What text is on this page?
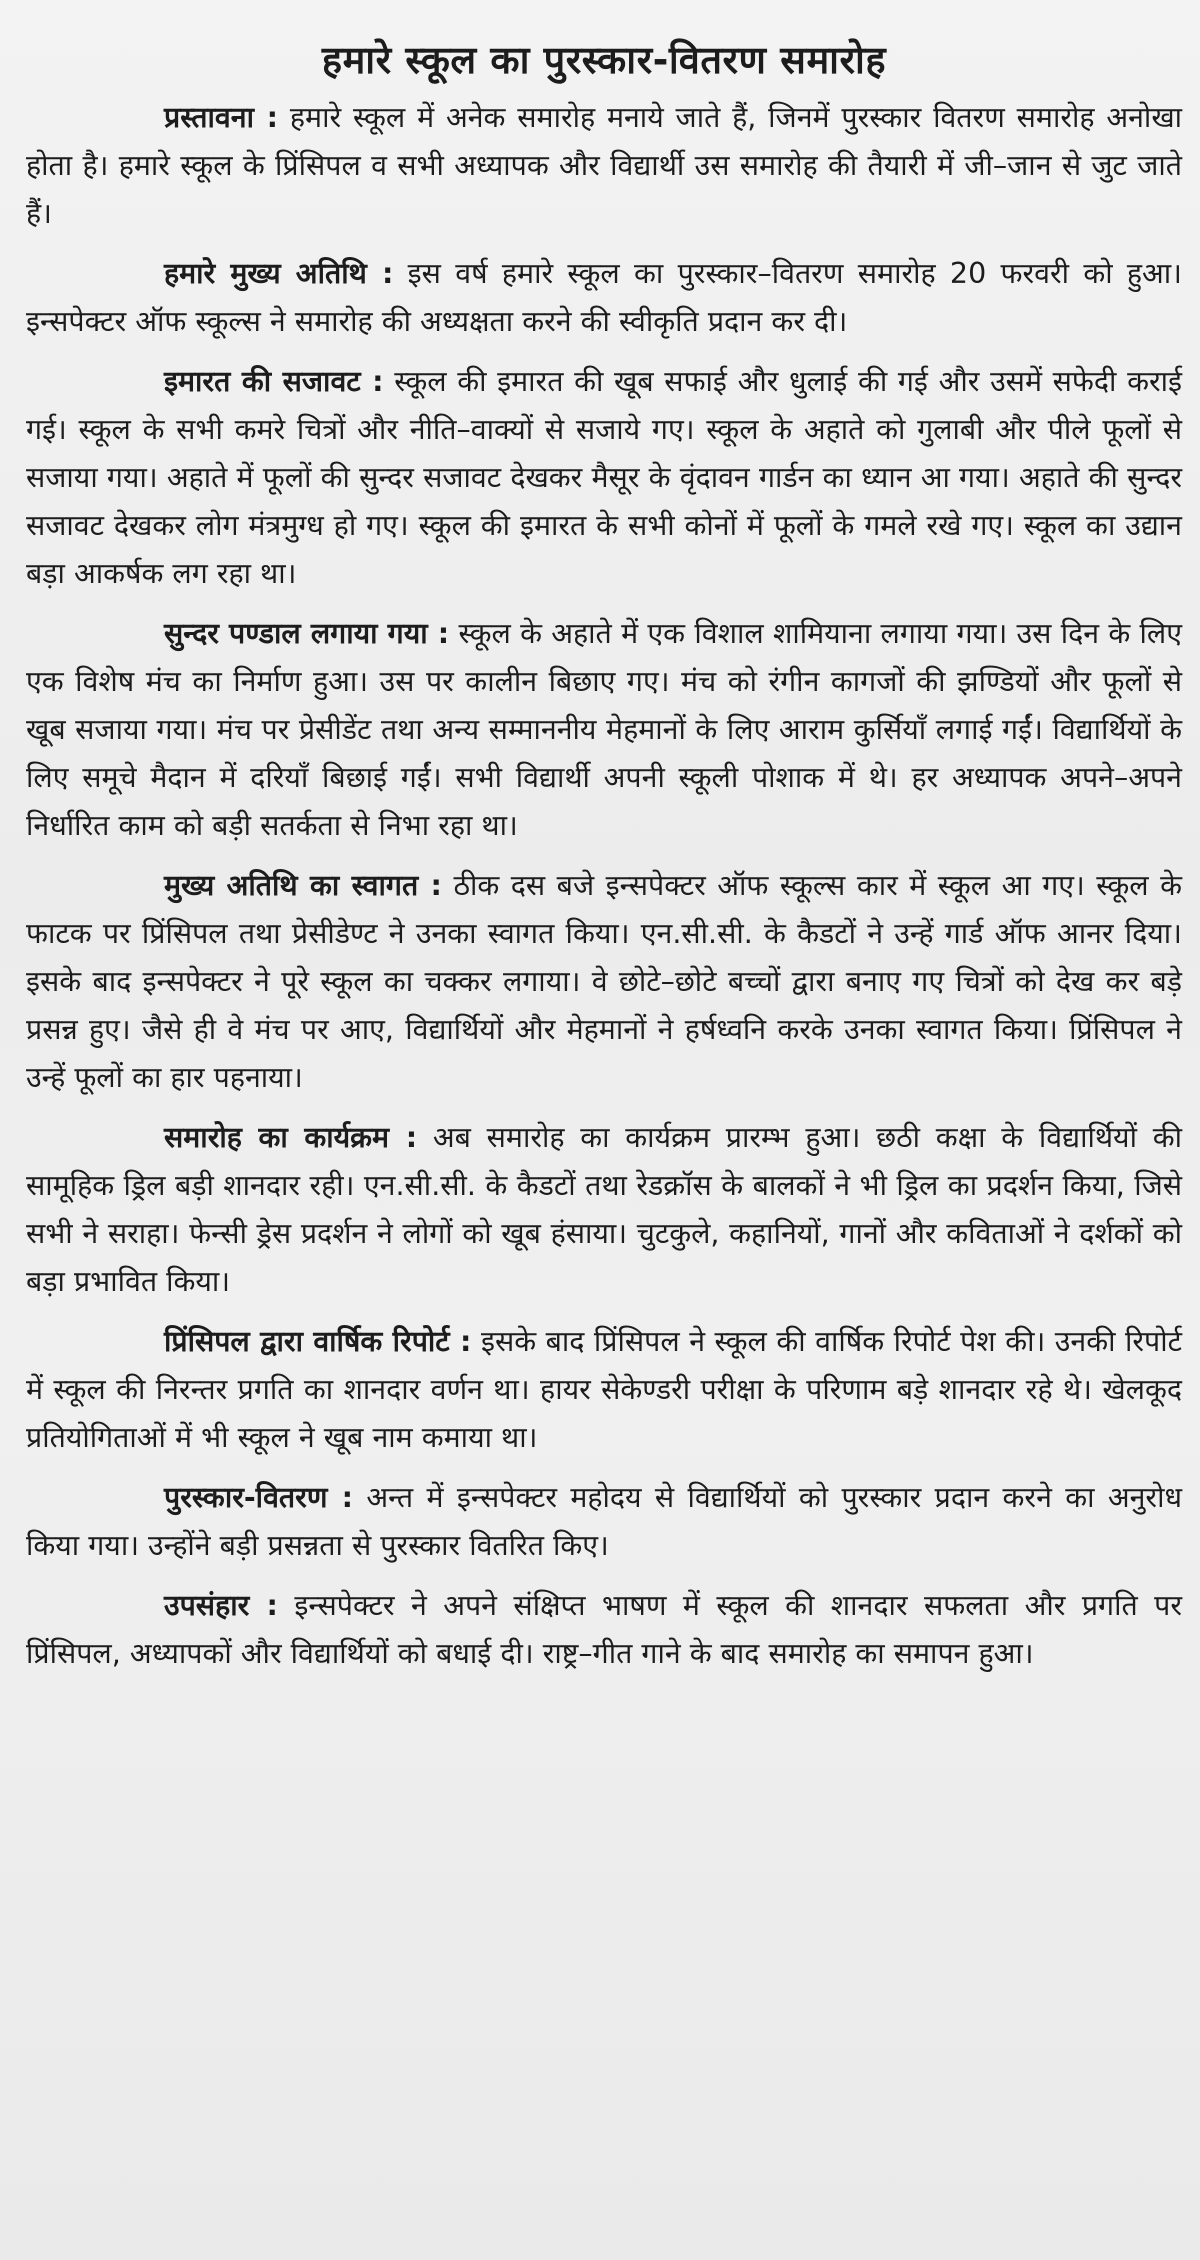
हमारे स्कूल का पुरस्कार-वितरण समारोह

प्रस्तावना : हमारे स्कूल में अनेक समारोह मनाये जाते हैं, जिनमें पुरस्कार वितरण समारोह अनोखा होता है। हमारे स्कूल के प्रिंसिपल व सभी अध्यापक और विद्यार्थी उस समारोह की तैयारी में जी–जान से जुट जाते हैं।

हमारे मुख्य अतिथि : इस वर्ष हमारे स्कूल का पुरस्कार–वितरण समारोह 20 फरवरी को हुआ। इन्सपेक्टर ऑफ स्कूल्स ने समारोह की अध्यक्षता करने की स्वीकृति प्रदान कर दी।

इमारत की सजावट : स्कूल की इमारत की खूब सफाई और धुलाई की गई और उसमें सफेदी कराई गई। स्कूल के सभी कमरे चित्रों और नीति–वाक्यों से सजाये गए। स्कूल के अहाते को गुलाबी और पीले फूलों से सजाया गया। अहाते में फूलों की सुन्दर सजावट देखकर मैसूर के वृंदावन गार्डन का ध्यान आ गया। अहाते की सुन्दर सजावट देखकर लोग मंत्रमुग्ध हो गए। स्कूल की इमारत के सभी कोनों में फूलों के गमले रखे गए। स्कूल का उद्यान बड़ा आकर्षक लग रहा था।

सुन्दर पण्डाल लगाया गया : स्कूल के अहाते में एक विशाल शामियाना लगाया गया। उस दिन के लिए एक विशेष मंच का निर्माण हुआ। उस पर कालीन बिछाए गए। मंच को रंगीन कागजों की झण्डियों और फूलों से खूब सजाया गया। मंच पर प्रेसीडेंट तथा अन्य सम्माननीय मेहमानों के लिए आराम कुर्सियाँ लगाई गईं। विद्यार्थियों के लिए समूचे मैदान में दरियाँ बिछाई गईं। सभी विद्यार्थी अपनी स्कूली पोशाक में थे। हर अध्यापक अपने–अपने निर्धारित काम को बड़ी सतर्कता से निभा रहा था।

मुख्य अतिथि का स्वागत : ठीक दस बजे इन्सपेक्टर ऑफ स्कूल्स कार में स्कूल आ गए। स्कूल के फाटक पर प्रिंसिपल तथा प्रेसीडेण्ट ने उनका स्वागत किया। एन.सी.सी. के कैडटों ने उन्हें गार्ड ऑफ आनर दिया। इसके बाद इन्सपेक्टर ने पूरे स्कूल का चक्कर लगाया। वे छोटे–छोटे बच्चों द्वारा बनाए गए चित्रों को देख कर बड़े प्रसन्न हुए। जैसे ही वे मंच पर आए, विद्यार्थियों और मेहमानों ने हर्षध्वनि करके उनका स्वागत किया। प्रिंसिपल ने उन्हें फूलों का हार पहनाया।

समारोह का कार्यक्रम : अब समारोह का कार्यक्रम प्रारम्भ हुआ। छठी कक्षा के विद्यार्थियों की सामूहिक ड्रिल बड़ी शानदार रही। एन.सी.सी. के कैडटों तथा रेडक्रॉस के बालकों ने भी ड्रिल का प्रदर्शन किया, जिसे सभी ने सराहा। फेन्सी ड्रेस प्रदर्शन ने लोगों को खूब हंसाया। चुटकुले, कहानियों, गानों और कविताओं ने दर्शकों को बड़ा प्रभावित किया।

प्रिंसिपल द्वारा वार्षिक रिपोर्ट : इसके बाद प्रिंसिपल ने स्कूल की वार्षिक रिपोर्ट पेश की। उनकी रिपोर्ट में स्कूल की निरन्तर प्रगति का शानदार वर्णन था। हायर सेकेण्डरी परीक्षा के परिणाम बड़े शानदार रहे थे। खेलकूद प्रतियोगिताओं में भी स्कूल ने खूब नाम कमाया था।

पुरस्कार-वितरण : अन्त में इन्सपेक्टर महोदय से विद्यार्थियों को पुरस्कार प्रदान करने का अनुरोध किया गया। उन्होंने बड़ी प्रसन्नता से पुरस्कार वितरित किए।

उपसंहार : इन्सपेक्टर ने अपने संक्षिप्त भाषण में स्कूल की शानदार सफलता और प्रगति पर प्रिंसिपल, अध्यापकों और विद्यार्थियों को बधाई दी। राष्ट्र–गीत गाने के बाद समारोह का समापन हुआ।
